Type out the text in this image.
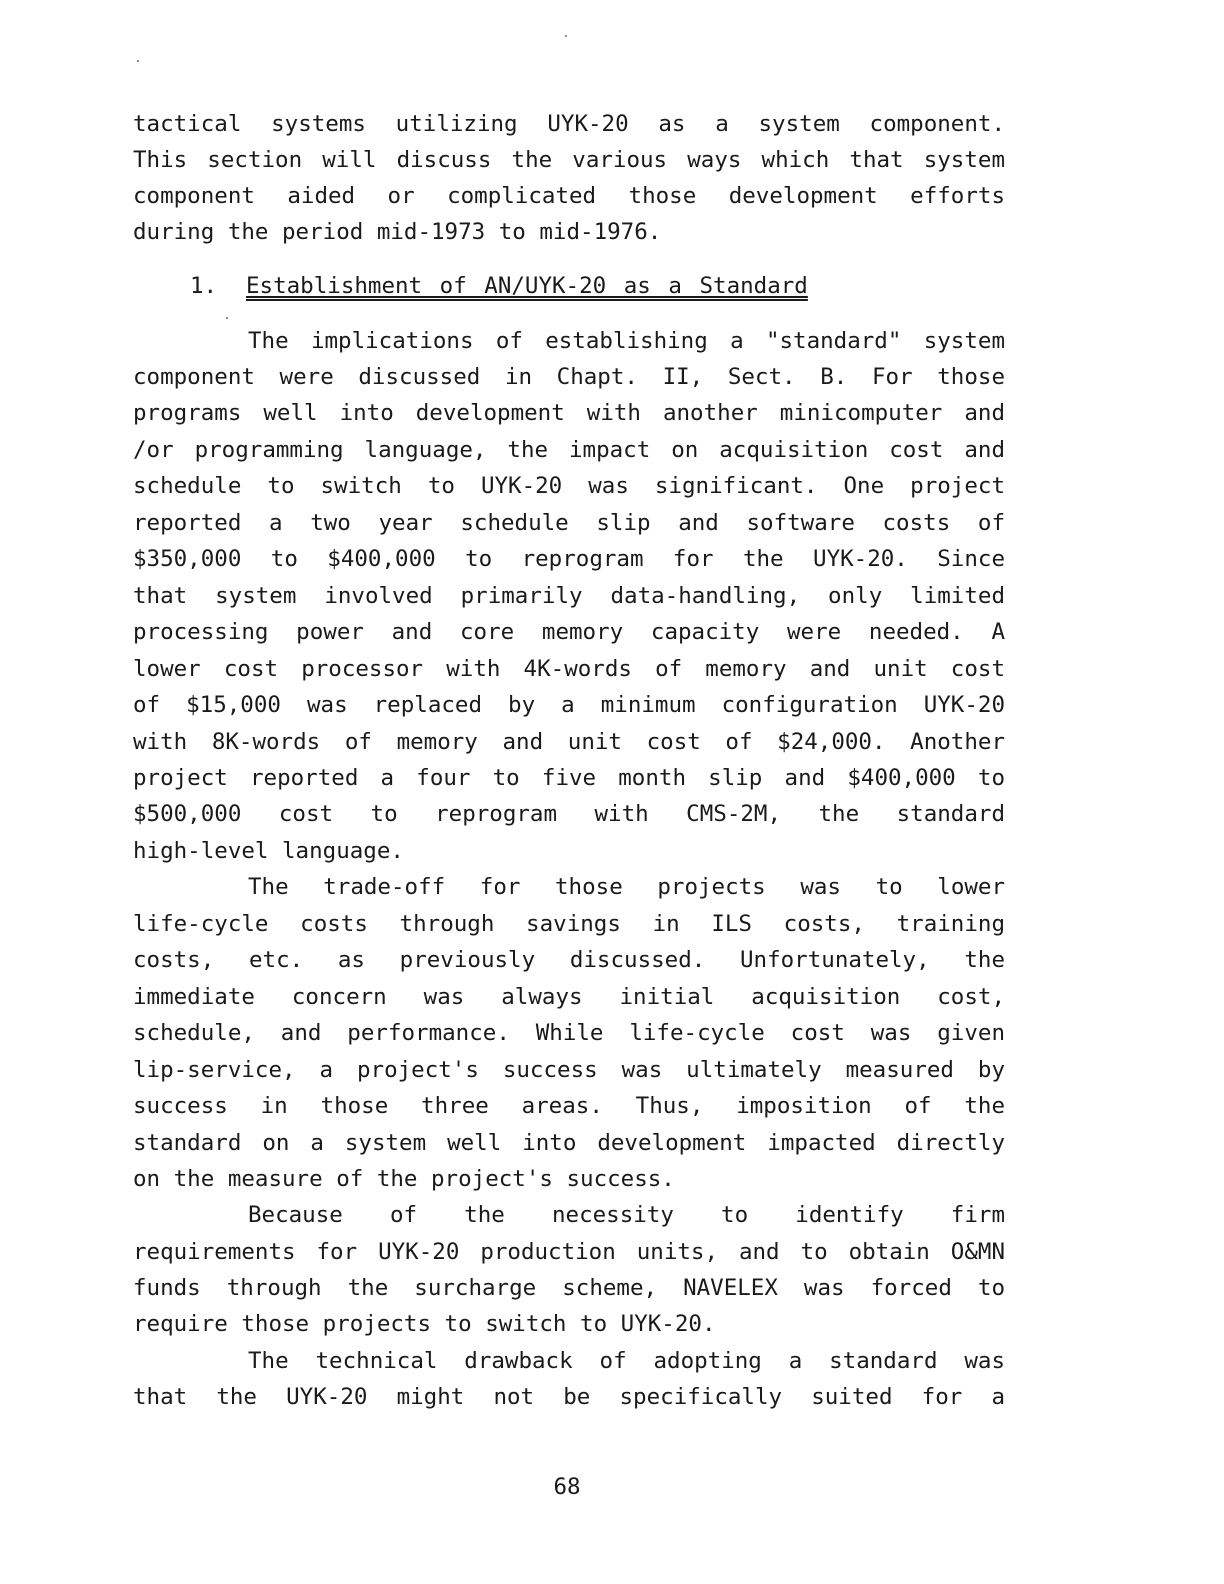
tactical systems utilizing UYK-20 as a system component.
This section will discuss the various ways which that system
component aided or complicated those development efforts
during the period mid-1973 to mid-1976.
1. Establishment of AN/UYK-20 as a Standard
The implications of establishing a "standard" system
component were discussed in Chapt. II, Sect. B. For those
programs well into development with another minicomputer and
/or programming language, the impact on acquisition cost and
schedule to switch to UYK-20 was significant. One project
reported a two year schedule slip and software costs of
$350,000 to $400,000 to reprogram for the UYK-20. Since
that system involved primarily data-handling, only limited
processing power and core memory capacity were needed. A
lower cost processor with 4K-words of memory and unit cost
of $15,000 was replaced by a minimum configuration UYK-20
with 8K-words of memory and unit cost of $24,000. Another
project reported a four to five month slip and $400,000 to
$500,000 cost to reprogram with CMS-2M, the standard
high-level language.
The trade-off for those projects was to lower
life-cycle costs through savings in ILS costs, training
costs, etc. as previously discussed. Unfortunately, the
immediate concern was always initial acquisition cost,
schedule, and performance. While life-cycle cost was given
lip-service, a project's success was ultimately measured by
success in those three areas. Thus, imposition of the
standard on a system well into development impacted directly
on the measure of the project's success.
Because of the necessity to identify firm
requirements for UYK-20 production units, and to obtain O&MN
funds through the surcharge scheme, NAVELEX was forced to
require those projects to switch to UYK-20.
The technical drawback of adopting a standard was
that the UYK-20 might not be specifically suited for a
68
